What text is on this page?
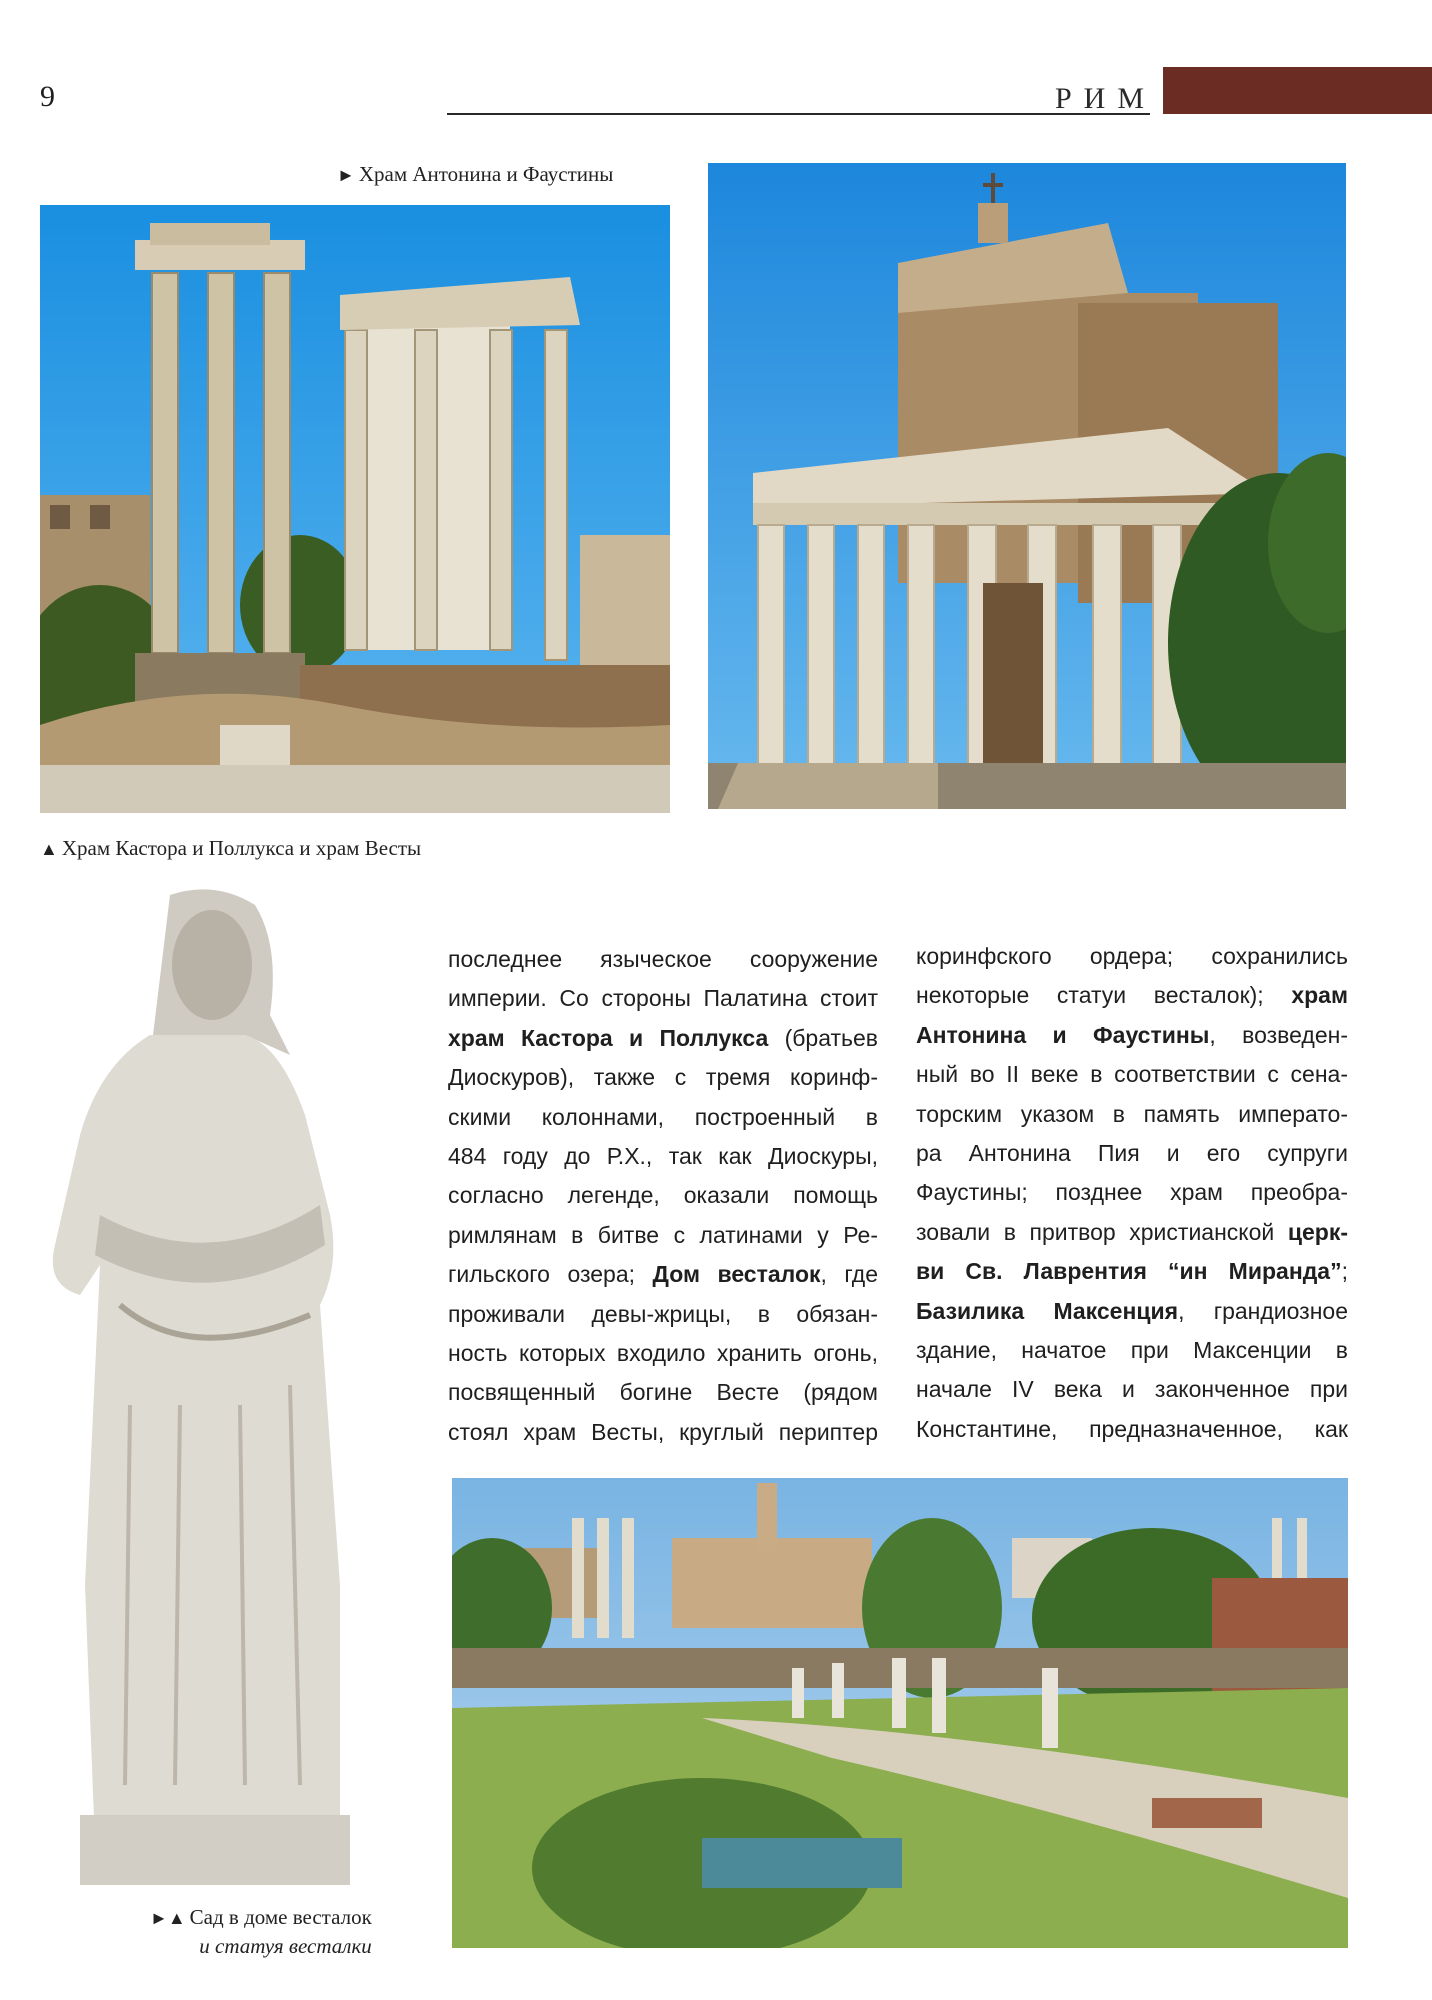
9	РИМ
► Храм Антонина и Фаустины
▲ Храм Кастора и Поллукса и храм Весты
последнее языческое сооружение
империи. Со стороны Палатина стоит
храм Кастора и Поллукса (братьев
Диоскуров), также с тремя коринф-
скими колоннами, построенный в
484 году до Р.Х., так как Диоскуры,
согласно легенде, оказали помощь
римлянам в битве с латинами у Ре-
гильского озера; Дом весталок, где
проживали девы-жрицы, в обязан-
ность которых входило хранить огонь,
посвященный богине Весте (рядом
стоял храм Весты, круглый периптер
коринфского ордера; сохранились
некоторые статуи весталок); храм
Антонина и Фаустины, возведен-
ный во II веке в соответствии с сена-
торским указом в память императо-
ра Антонина Пия и его супруги
Фаустины; позднее храм преобра-
зовали в притвор христианской церк-
ви Св. Лаврентия “ин Миранда”;
Базилика Максенция, грандиозное
здание, начатое при Максенции в
начале IV века и законченное при
Константине, предназначенное, как
►▲ Сад в доме весталок
и статуя весталки
